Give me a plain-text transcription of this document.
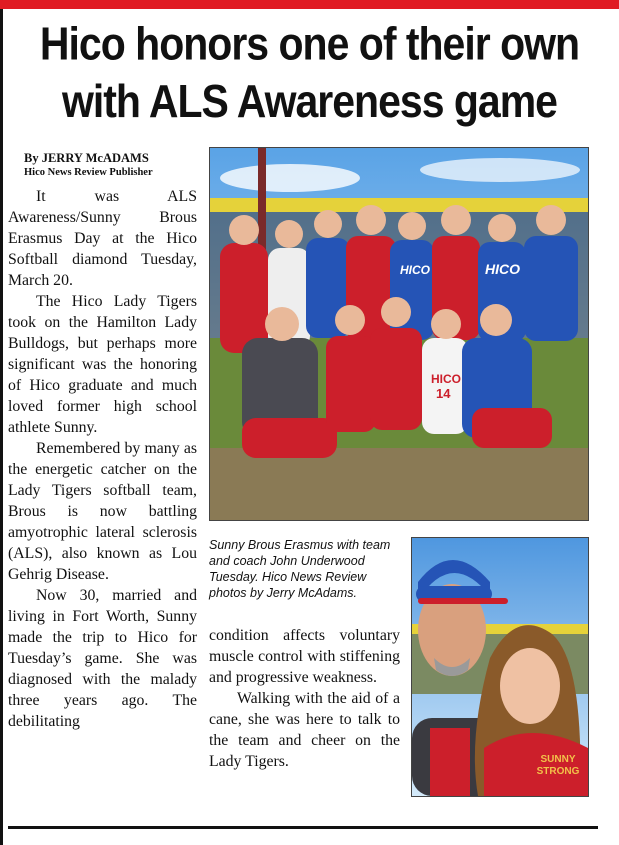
Hico honors one of their own
with ALS Awareness game
By JERRY McADAMS
Hico News Review Publisher

It was ALS Awareness/Sunny Brous Erasmus Day at the Hico Softball diamond Tuesday, March 20.

The Hico Lady Tigers took on the Hamilton Lady Bulldogs, but perhaps more significant was the honoring of Hico graduate and much loved former high school athlete Sunny.

Remembered by many as the energetic catcher on the Lady Tigers softball team, Brous is now battling amyotrophic lateral sclerosis (ALS), also known as Lou Gehrig Disease.

Now 30, married and living in Fort Worth, Sunny made the trip to Hico for Tuesday’s game. She was diagnosed with the malady three years ago. The debilitating

HICO
HICO
HICO
14
Sunny Brous Erasmus with team and coach John Underwood Tuesday. Hico News Review photos by Jerry McAdams.
SUNNY
STRONG

condition affects voluntary muscle control with stiffening and progressive weakness.

Walking with the aid of a cane, she was here to talk to the team and cheer on the Lady Tigers.
